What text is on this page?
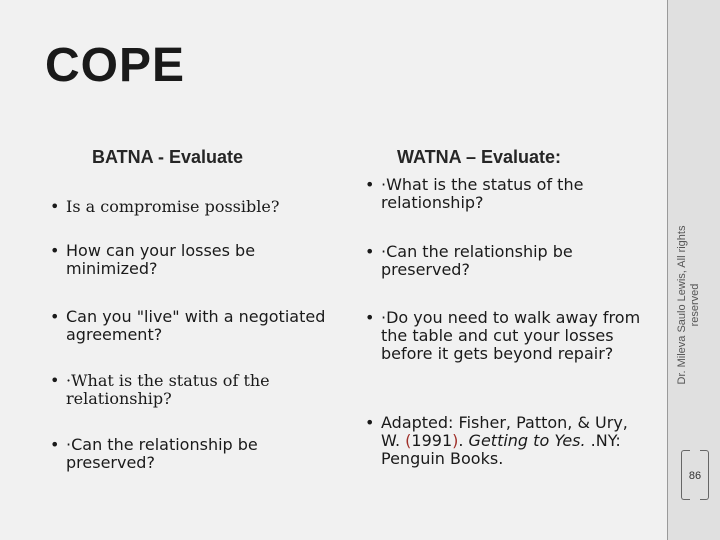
COPE
BATNA - Evaluate	WATNA – Evaluate:
• Is a compromise possible?
• How can your losses be minimized?
• Can you "live" with a negotiated agreement?
• ·What is the status of the relationship?
• ·Can the relationship be preserved?
• ·What is the status of the relationship?
• ·Can the relationship be preserved?
• ·Do you need to walk away from the table and cut your losses before it gets beyond repair?
• Adapted: Fisher, Patton, & Ury, W. (1991). Getting to Yes. .NY: Penguin Books.
Dr. Mileva Saulo Lewis, All rights reserved
86
